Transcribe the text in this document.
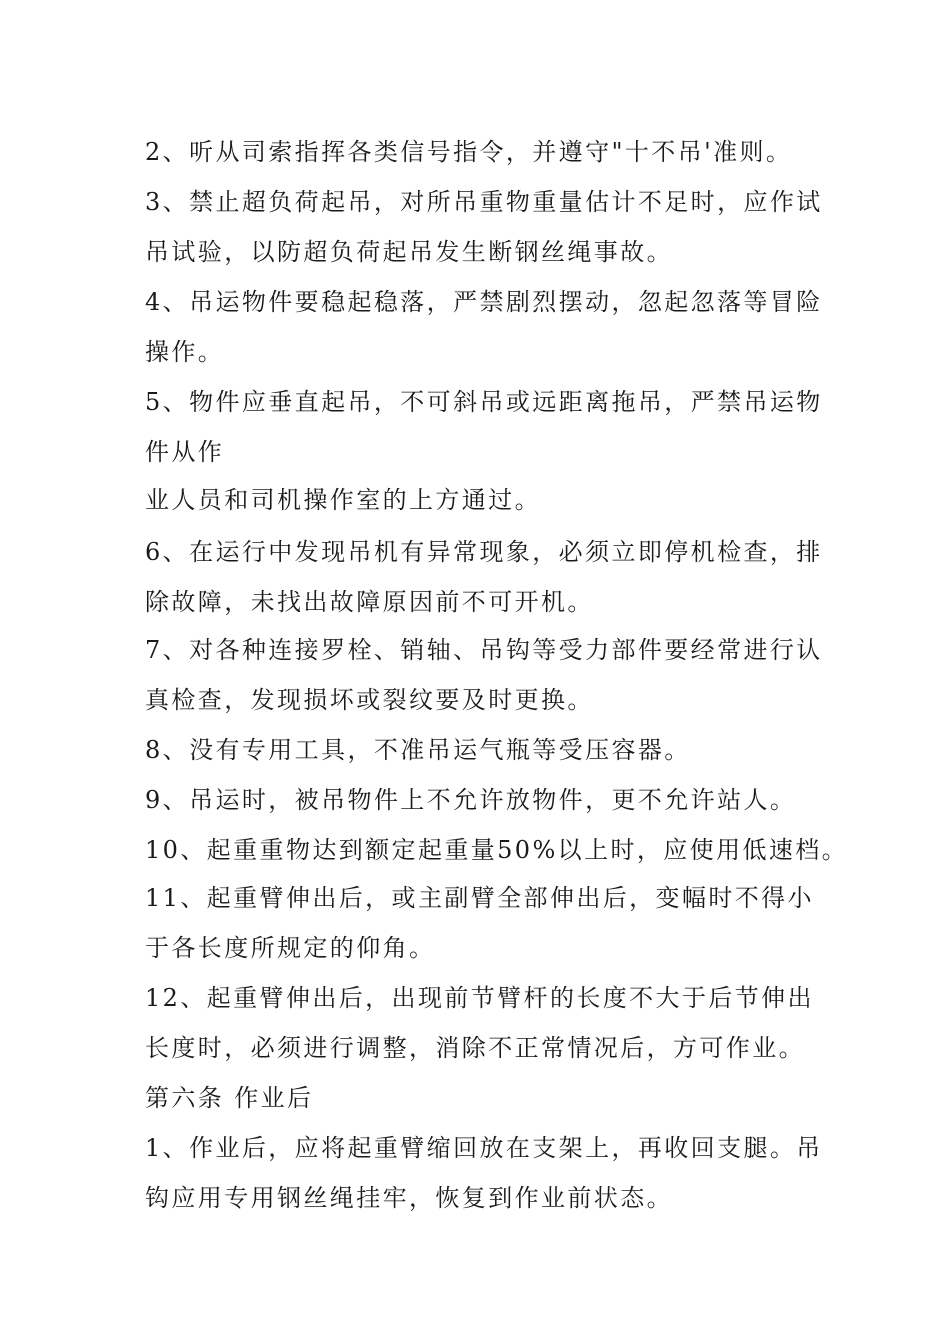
2、听从司索指挥各类信号指令，并遵守"十不吊'准则。
3、禁止超负荷起吊，对所吊重物重量估计不足时，应作试
吊试验，以防超负荷起吊发生断钢丝绳事故。
4、吊运物件要稳起稳落，严禁剧烈摆动，忽起忽落等冒险
操作。
5、物件应垂直起吊，不可斜吊或远距离拖吊，严禁吊运物
件从作
业人员和司机操作室的上方通过。
6、在运行中发现吊机有异常现象，必须立即停机检查，排
除故障，未找出故障原因前不可开机。
7、对各种连接罗栓、销轴、吊钩等受力部件要经常进行认
真检查，发现损坏或裂纹要及时更换。
8、没有专用工具，不准吊运气瓶等受压容器。
9、吊运时，被吊物件上不允许放物件，更不允许站人。
10、起重重物达到额定起重量50%以上时，应使用低速档。
11、起重臂伸出后，或主副臂全部伸出后，变幅时不得小
于各长度所规定的仰角。
12、起重臂伸出后，出现前节臂杆的长度不大于后节伸出
长度时，必须进行调整，消除不正常情况后，方可作业。
第六条 作业后
1、作业后，应将起重臂缩回放在支架上，再收回支腿。吊
钩应用专用钢丝绳挂牢，恢复到作业前状态。
